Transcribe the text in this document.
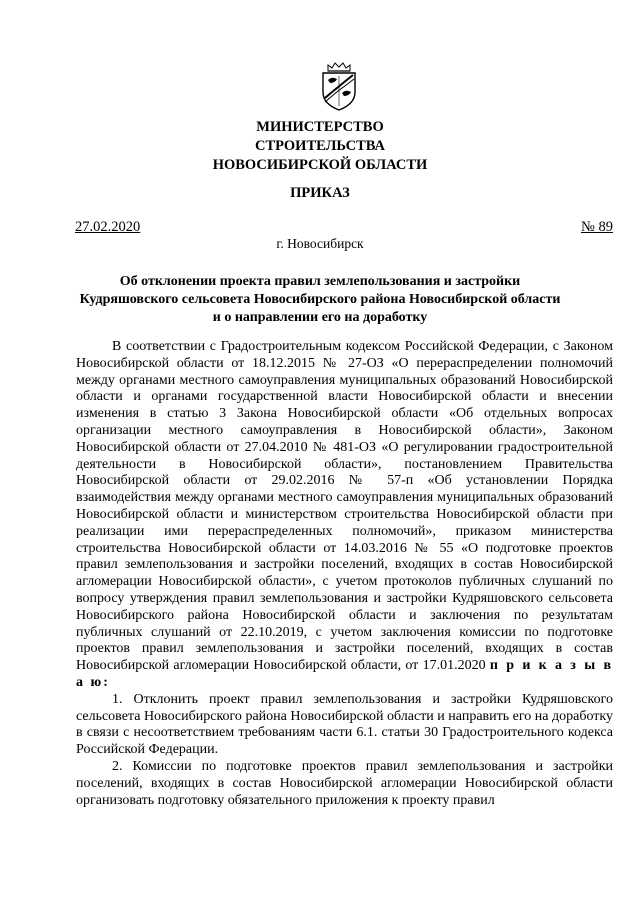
МИНИСТЕРСТВО
СТРОИТЕЛЬСТВА
НОВОСИБИРСКОЙ ОБЛАСТИ
ПРИКАЗ
27.02.2020	№ 89
г. Новосибирск
Об отклонении проекта правил землепользования и застройки
Кудряшовского сельсовета Новосибирского района Новосибирской области
и о направлении его на доработку

В соответствии с Градостроительным кодексом Российской Федерации, с Законом Новосибирской области от 18.12.2015 № 27-ОЗ «О перераспределении полномочий между органами местного самоуправления муниципальных образований Новосибирской области и органами государственной власти Новосибирской области и внесении изменения в статью 3 Закона Новосибирской области «Об отдельных вопросах организации местного самоуправления в Новосибирской области», Законом Новосибирской области от 27.04.2010 № 481-ОЗ «О регулировании градостроительной деятельности в Новосибирской области», постановлением Правительства Новосибирской области от 29.02.2016 № 57-п «Об установлении Порядка взаимодействия между органами местного самоуправления муниципальных образований Новосибирской области и министерством строительства Новосибирской области при реализации ими перераспределенных полномочий», приказом министерства строительства Новосибирской области от 14.03.2016 № 55 «О подготовке проектов правил землепользования и застройки поселений, входящих в состав Новосибирской агломерации Новосибирской области», с учетом протоколов публичных слушаний по вопросу утверждения правил землепользования и застройки Кудряшовского сельсовета Новосибирского района Новосибирской области и заключения по результатам публичных слушаний от 22.10.2019, с учетом заключения комиссии по подготовке проектов правил землепользования и застройки поселений, входящих в состав Новосибирской агломерации Новосибирской области, от 17.01.2020 п р и к а з ы в а ю:

1. Отклонить проект правил землепользования и застройки Кудряшовского сельсовета Новосибирского района Новосибирской области и направить его на доработку в связи с несоответствием требованиям части 6.1. статьи 30 Градостроительного кодекса Российской Федерации.

2. Комиссии по подготовке проектов правил землепользования и застройки поселений, входящих в состав Новосибирской агломерации Новосибирской области организовать подготовку обязательного приложения к проекту правил
